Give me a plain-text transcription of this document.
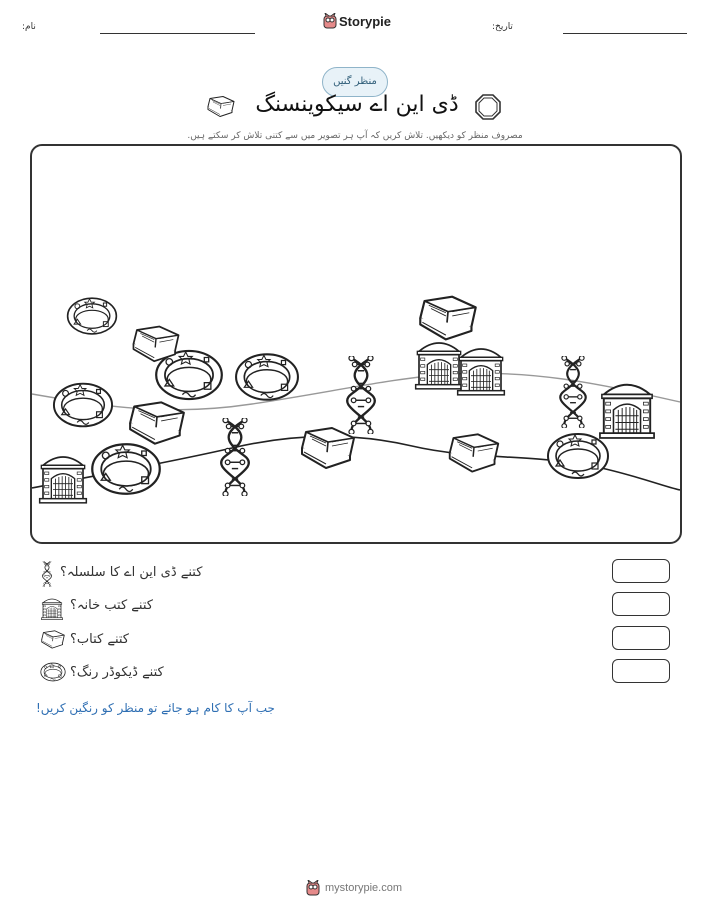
نام:	Storypie	تاریخ:
منظر گنیں
ڈی این اے سیکوینسنگ
مصروف منظر کو دیکھیں. تلاش کریں کہ آپ ہر تصویر میں سے کتنی تلاش کر سکتے ہیں.
کتنے ڈی این اے کا سلسلہ؟
کتنے کتب خانہ؟
کتنے کتاب؟
کتنے ڈیکوڈر رنگ؟
جب آپ کا کام ہو جائے تو منظر کو رنگین کریں!
mystorypie.com
